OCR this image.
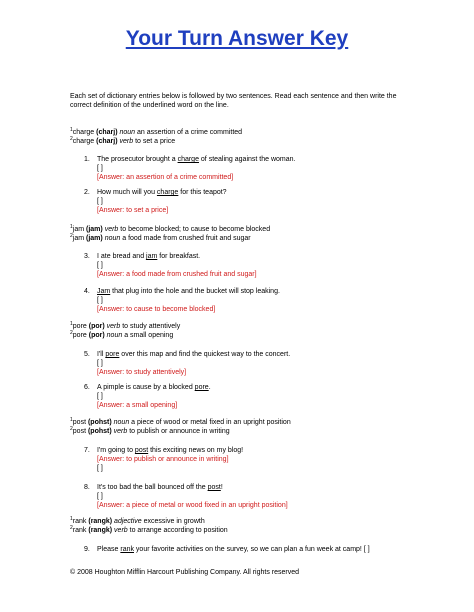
Your Turn Answer Key
Each set of dictionary entries below is followed by two sentences. Read each sentence and then write the correct definition of the underlined word on the line.
$^1$charge (charj) noun an assertion of a crime committed
$^2$charge (charj) verb to set a price
1. The prosecutor brought a charge of stealing against the woman.
[ ]
[Answer: an assertion of a crime committed]
2. How much will you charge for this teapot?
[ ]
[Answer: to set a price]
$^1$jam (jam) verb to become blocked; to cause to become blocked
$^2$jam (jam) noun a food made from crushed fruit and sugar
3. I ate bread and jam for breakfast.
[ ]
[Answer: a food made from crushed fruit and sugar]
4. Jam that plug into the hole and the bucket will stop leaking.
[ ]
[Answer: to cause to become blocked]
$^1$pore (por) verb to study attentively
$^2$pore (por) noun a small opening
5. I'll pore over this map and find the quickest way to the concert.
[ ]
[Answer: to study attentively]
6. A pimple is cause by a blocked pore.
[ ]
[Answer: a small opening]
$^1$post (pohst) noun a piece of wood or metal fixed in an upright position
$^2$post (pohst) verb to publish or announce in writing
7. I'm going to post this exciting news on my blog!
[Answer: to publish or announce in writing]
[ ]
8. It's too bad the ball bounced off the post!
[ ]
[Answer: a piece of metal or wood fixed in an upright position]
$^1$rank (rangk) adjective excessive in growth
$^2$rank (rangk) verb to arrange according to position
9. Please rank your favorite activities on the survey, so we can plan a fun week at camp! [ ]
© 2008 Houghton Mifflin Harcourt Publishing Company. All rights reserved
